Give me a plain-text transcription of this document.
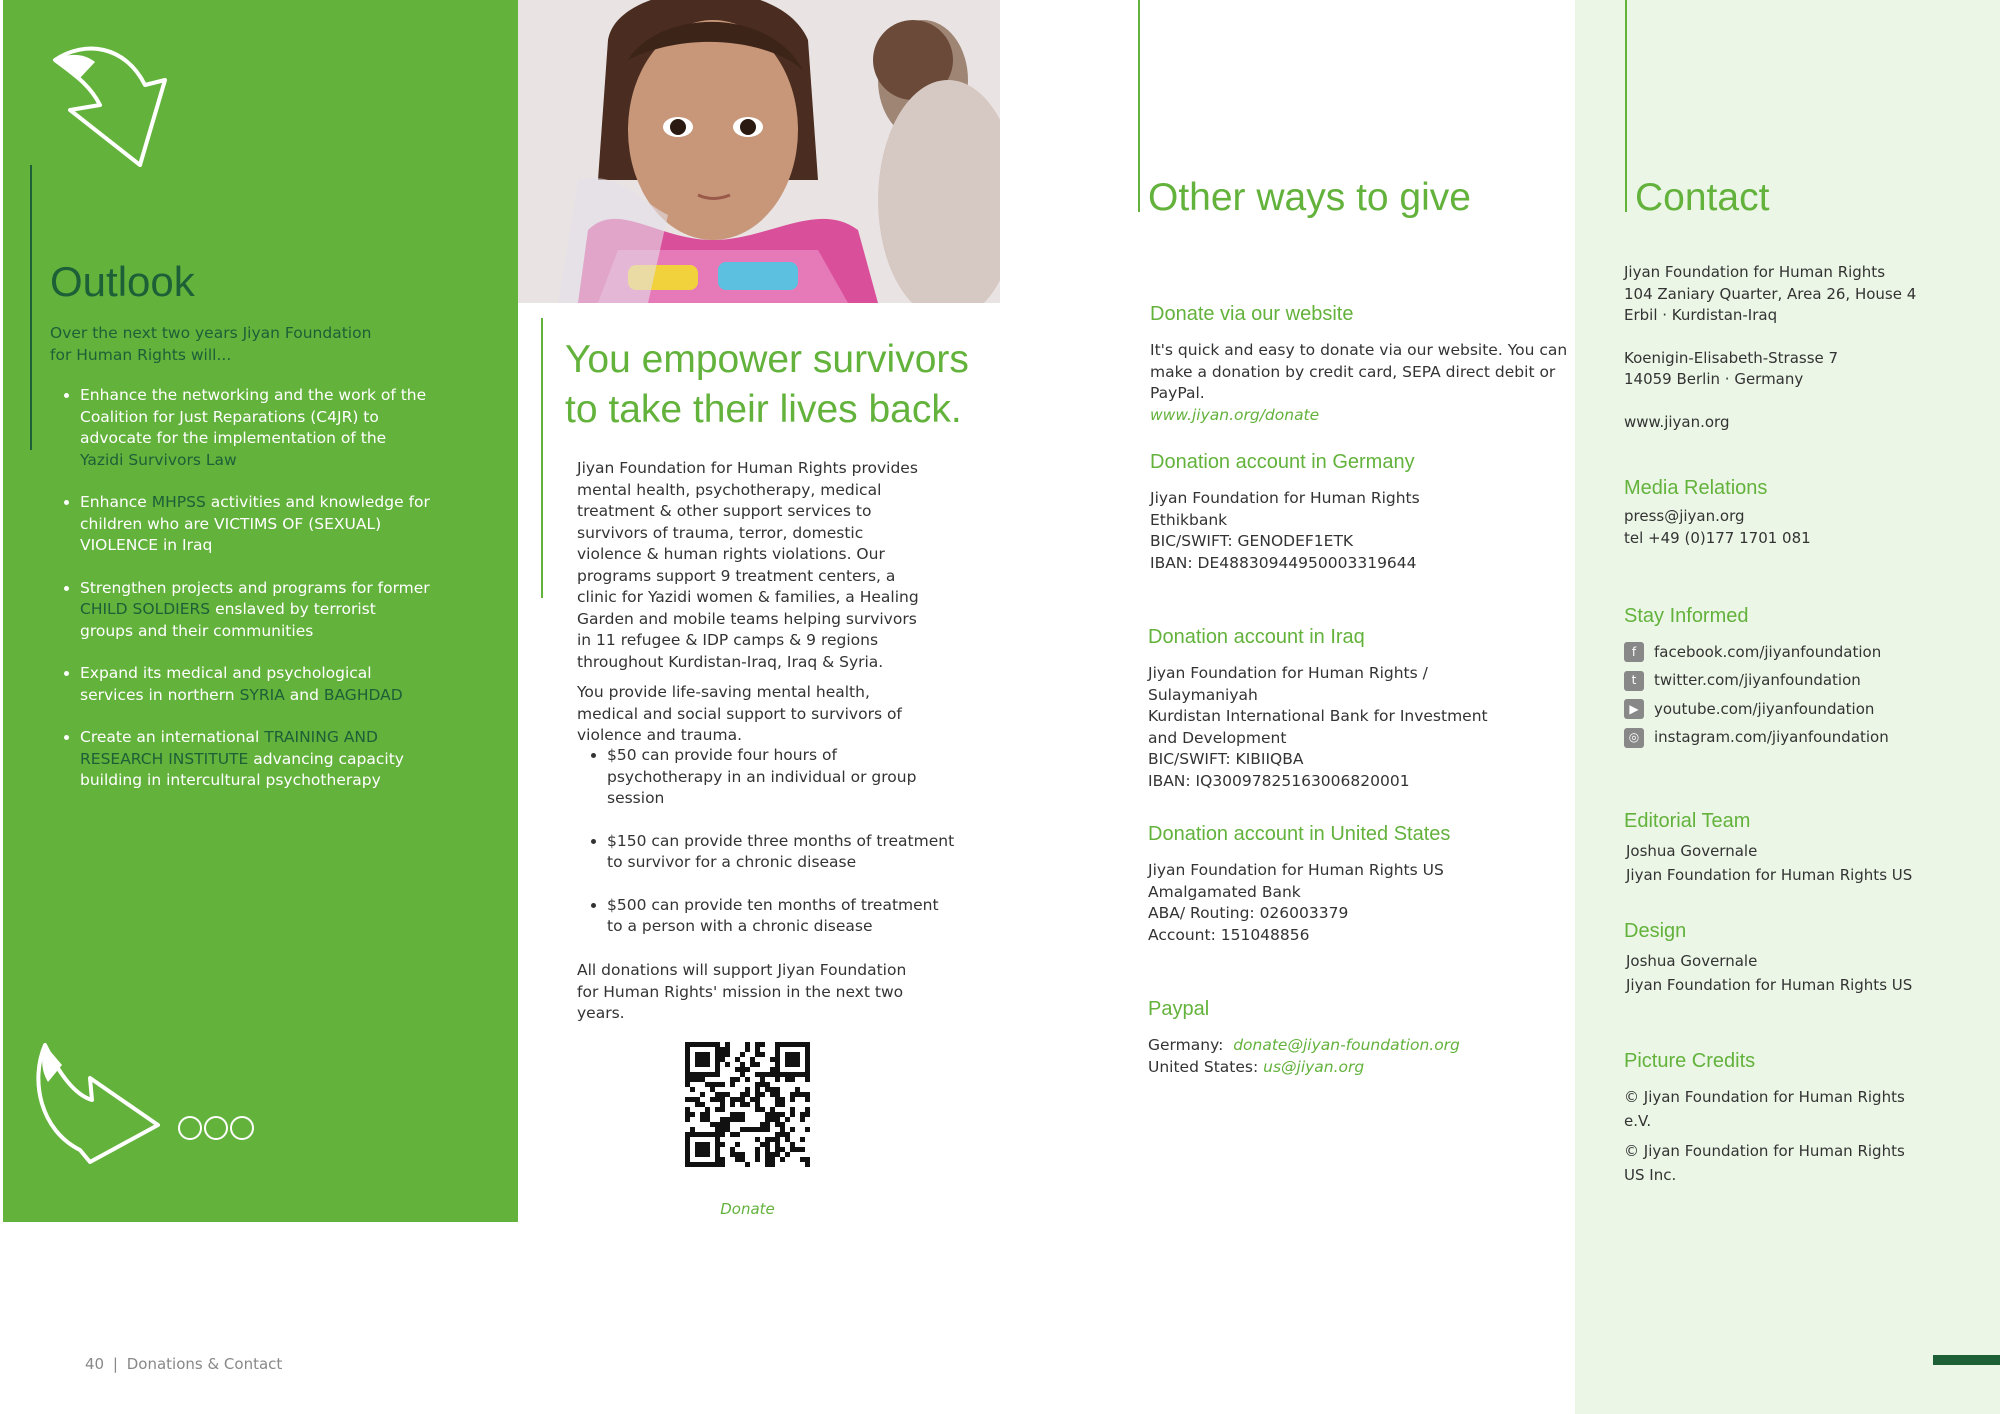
Outlook
Over the next two years Jiyan Foundation for Human Rights will...
• Enhance the networking and the work of the Coalition for Just Reparations (C4JR) to advocate for the implementation of the Yazidi Survivors Law
• Enhance MHPSS activities and knowledge for children who are VICTIMS OF (SEXUAL) VIOLENCE in Iraq
• Strengthen projects and programs for former CHILD SOLDIERS enslaved by terrorist groups and their communities
• Expand its medical and psychological services in northern SYRIA and BAGHDAD
• Create an international TRAINING AND RESEARCH INSTITUTE advancing capacity building in intercultural psychotherapy
You empower survivors to take their lives back.
Jiyan Foundation for Human Rights provides mental health, psychotherapy, medical treatment & other support services to survivors of trauma, terror, domestic violence & human rights violations. Our programs support 9 treatment centers, a clinic for Yazidi women & families, a Healing Garden and mobile teams helping survivors in 11 refugee & IDP camps & 9 regions throughout Kurdistan-Iraq, Iraq & Syria.
You provide life-saving mental health, medical and social support to survivors of violence and trauma.
• $50 can provide four hours of psychotherapy in an individual or group session
• $150 can provide three months of treatment to survivor for a chronic disease
• $500 can provide ten months of treatment to a person with a chronic disease
All donations will support Jiyan Foundation for Human Rights' mission in the next two years.
Donate
Other ways to give
Donate via our website
It's quick and easy to donate via our website. You can make a donation by credit card, SEPA direct debit or PayPal.
www.jiyan.org/donate
Donation account in Germany
Jiyan Foundation for Human Rights
Ethikbank
BIC/SWIFT: GENODEF1ETK
IBAN: DE48830944950003319644
Donation account in Iraq
Jiyan Foundation for Human Rights / Sulaymaniyah
Kurdistan International Bank for Investment and Development
BIC/SWIFT: KIBIIQBA
IBAN: IQ30097825163006820001
Donation account in United States
Jiyan Foundation for Human Rights US
Amalgamated Bank
ABA/ Routing: 026003379
Account: 151048856
Paypal
Germany: donate@jiyan-foundation.org
United States: us@jiyan.org
Contact
Jiyan Foundation for Human Rights
104 Zaniary Quarter, Area 26, House 4
Erbil · Kurdistan-Iraq
Koenigin-Elisabeth-Strasse 7
14059 Berlin · Germany
www.jiyan.org
Media Relations
press@jiyan.org
tel +49 (0)177 1701 081
Stay Informed
f	facebook.com/jiyanfoundation
t	twitter.com/jiyanfoundation
▶	youtube.com/jiyanfoundation
◎ instagram.com/jiyanfoundation
Editorial Team
Joshua Governale
Jiyan Foundation for Human Rights US
Design
Joshua Governale
Jiyan Foundation for Human Rights US
Picture Credits
© Jiyan Foundation for Human Rights e.V.
© Jiyan Foundation for Human Rights US Inc.
40 | Donations & Contact
